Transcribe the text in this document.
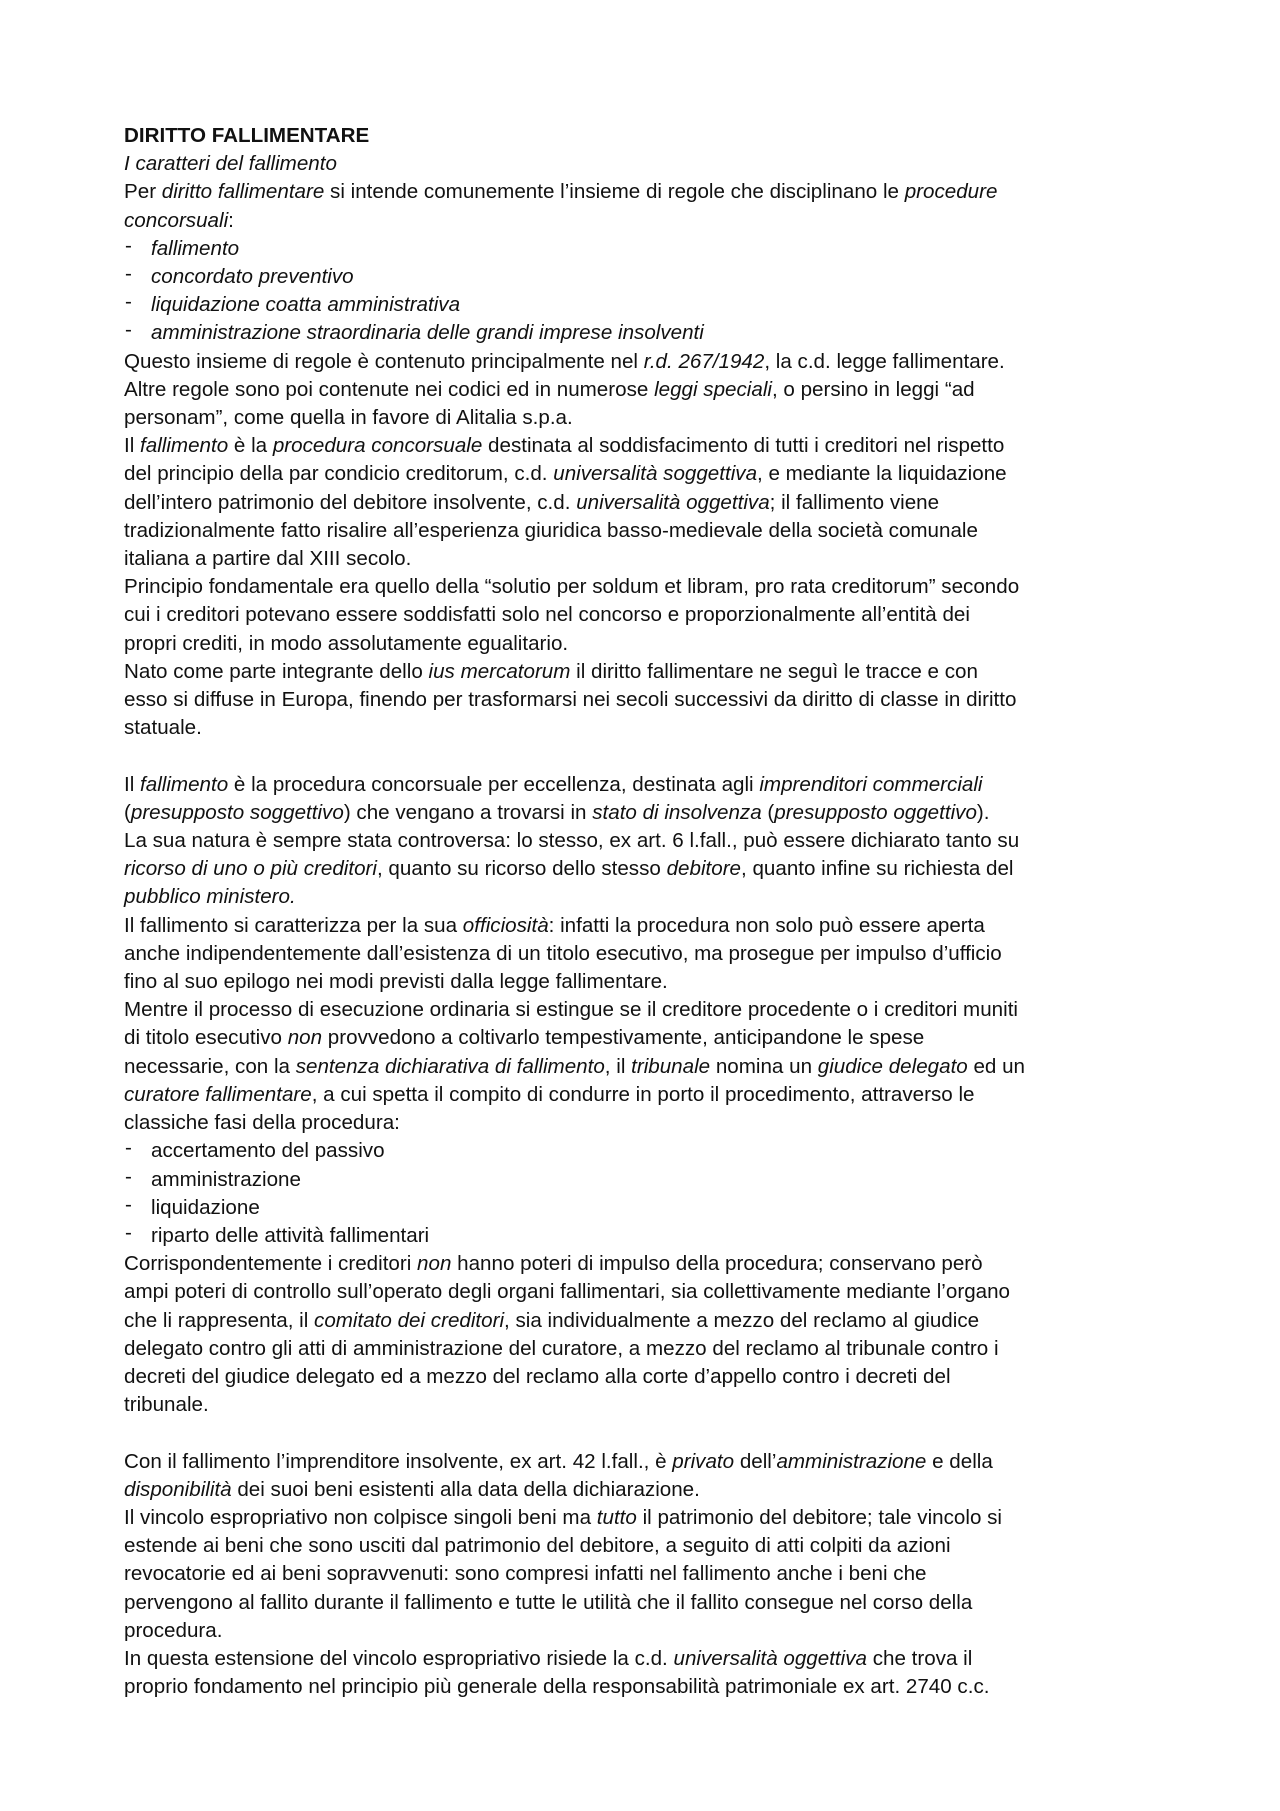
DIRITTO FALLIMENTARE
I caratteri del fallimento
Per diritto fallimentare si intende comunemente l’insieme di regole che disciplinano le procedure
concorsuali:
- fallimento
- concordato preventivo
- liquidazione coatta amministrativa
- amministrazione straordinaria delle grandi imprese insolventi
Questo insieme di regole è contenuto principalmente nel r.d. 267/1942, la c.d. legge fallimentare.
Altre regole sono poi contenute nei codici ed in numerose leggi speciali, o persino in leggi “ad
personam”, come quella in favore di Alitalia s.p.a.
Il fallimento è la procedura concorsuale destinata al soddisfacimento di tutti i creditori nel rispetto
del principio della par condicio creditorum, c.d. universalità soggettiva, e mediante la liquidazione
dell’intero patrimonio del debitore insolvente, c.d. universalità oggettiva; il fallimento viene
tradizionalmente fatto risalire all’esperienza giuridica basso-medievale della società comunale
italiana a partire dal XIII secolo.
Principio fondamentale era quello della “solutio per soldum et libram, pro rata creditorum” secondo
cui i creditori potevano essere soddisfatti solo nel concorso e proporzionalmente all’entità dei
propri crediti, in modo assolutamente egualitario.
Nato come parte integrante dello ius mercatorum il diritto fallimentare ne seguì le tracce e con
esso si diffuse in Europa, finendo per trasformarsi nei secoli successivi da diritto di classe in diritto
statuale.
Il fallimento è la procedura concorsuale per eccellenza, destinata agli imprenditori commerciali
(presupposto soggettivo) che vengano a trovarsi in stato di insolvenza (presupposto oggettivo).
La sua natura è sempre stata controversa: lo stesso, ex art. 6 l.fall., può essere dichiarato tanto su
ricorso di uno o più creditori, quanto su ricorso dello stesso debitore, quanto infine su richiesta del
pubblico ministero.
Il fallimento si caratterizza per la sua officiosità: infatti la procedura non solo può essere aperta
anche indipendentemente dall’esistenza di un titolo esecutivo, ma prosegue per impulso d’ufficio
fino al suo epilogo nei modi previsti dalla legge fallimentare.
Mentre il processo di esecuzione ordinaria si estingue se il creditore procedente o i creditori muniti
di titolo esecutivo non provvedono a coltivarlo tempestivamente, anticipandone le spese
necessarie, con la sentenza dichiarativa di fallimento, il tribunale nomina un giudice delegato ed un
curatore fallimentare, a cui spetta il compito di condurre in porto il procedimento, attraverso le
classiche fasi della procedura:
- accertamento del passivo
- amministrazione
- liquidazione
- riparto delle attività fallimentari
Corrispondentemente i creditori non hanno poteri di impulso della procedura; conservano però
ampi poteri di controllo sull’operato degli organi fallimentari, sia collettivamente mediante l’organo
che li rappresenta, il comitato dei creditori, sia individualmente a mezzo del reclamo al giudice
delegato contro gli atti di amministrazione del curatore, a mezzo del reclamo al tribunale contro i
decreti del giudice delegato ed a mezzo del reclamo alla corte d’appello contro i decreti del
tribunale.
Con il fallimento l’imprenditore insolvente, ex art. 42 l.fall., è privato dell’amministrazione e della
disponibilità dei suoi beni esistenti alla data della dichiarazione.
Il vincolo espropriativo non colpisce singoli beni ma tutto il patrimonio del debitore; tale vincolo si
estende ai beni che sono usciti dal patrimonio del debitore, a seguito di atti colpiti da azioni
revocatorie ed ai beni sopravvenuti: sono compresi infatti nel fallimento anche i beni che
pervengono al fallito durante il fallimento e tutte le utilità che il fallito consegue nel corso della
procedura.
In questa estensione del vincolo espropriativo risiede la c.d. universalità oggettiva che trova il
proprio fondamento nel principio più generale della responsabilità patrimoniale ex art. 2740 c.c.
